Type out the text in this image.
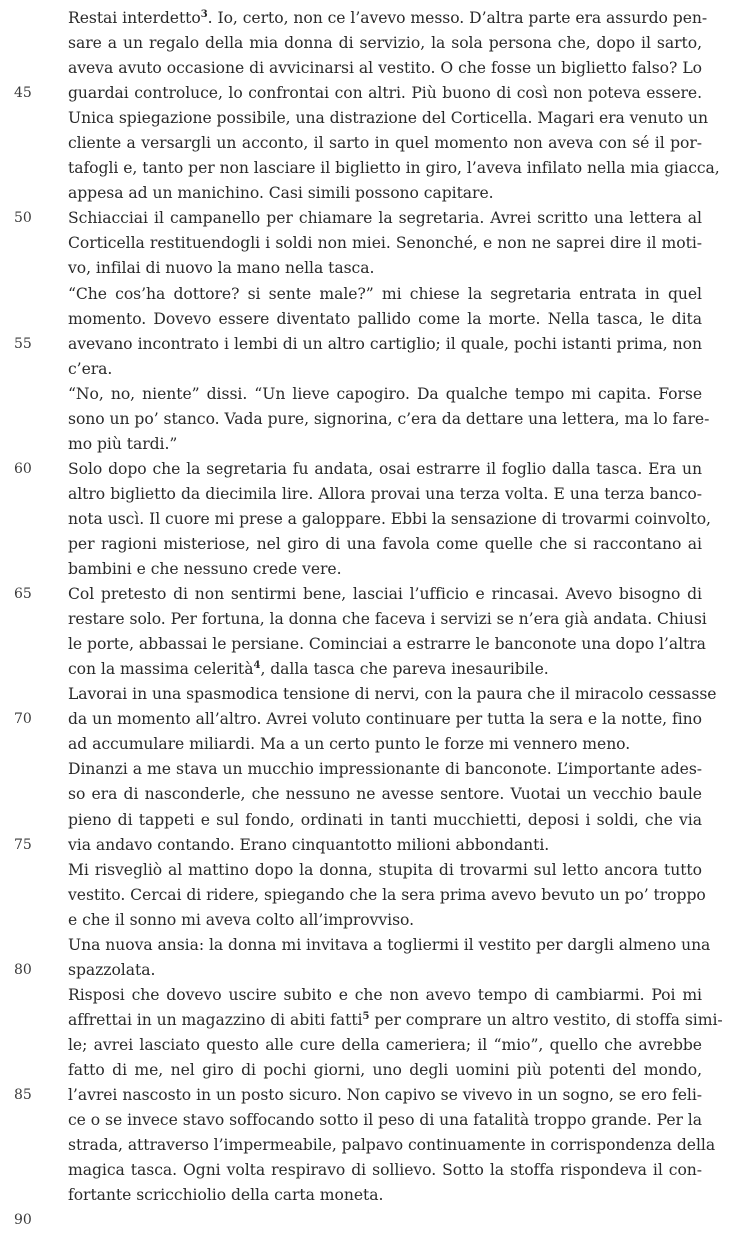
45
50
55
60
65
70
75
80
85
90
Restai interdetto$^3$. Io, certo, non ce l’avevo messo. D’altra parte era assurdo pen-
sare a un regalo della mia donna di servizio, la sola persona che, dopo il sarto,
aveva avuto occasione di avvicinarsi al vestito. O che fosse un biglietto falso? Lo
guardai controluce, lo confrontai con altri. Più buono di così non poteva essere.
Unica spiegazione possibile, una distrazione del Corticella. Magari era venuto un
cliente a versargli un acconto, il sarto in quel momento non aveva con sé il por-
tafogli e, tanto per non lasciare il biglietto in giro, l’aveva infilato nella mia giacca,
appesa ad un manichino. Casi simili possono capitare.
Schiacciai il campanello per chiamare la segretaria. Avrei scritto una lettera al
Corticella restituendogli i soldi non miei. Senonché, e non ne saprei dire il moti-
vo, infilai di nuovo la mano nella tasca.
“Che cos’ha dottore? si sente male?” mi chiese la segretaria entrata in quel
momento. Dovevo essere diventato pallido come la morte. Nella tasca, le dita
avevano incontrato i lembi di un altro cartiglio; il quale, pochi istanti prima, non
c’era.
“No, no, niente” dissi. “Un lieve capogiro. Da qualche tempo mi capita. Forse
sono un po’ stanco. Vada pure, signorina, c’era da dettare una lettera, ma lo fare-
mo più tardi.”
Solo dopo che la segretaria fu andata, osai estrarre il foglio dalla tasca. Era un
altro biglietto da diecimila lire. Allora provai una terza volta. E una terza banco-
nota uscì. Il cuore mi prese a galoppare. Ebbi la sensazione di trovarmi coinvolto,
per ragioni misteriose, nel giro di una favola come quelle che si raccontano ai
bambini e che nessuno crede vere.
Col pretesto di non sentirmi bene, lasciai l’ufficio e rincasai. Avevo bisogno di
restare solo. Per fortuna, la donna che faceva i servizi se n’era già andata. Chiusi
le porte, abbassai le persiane. Cominciai a estrarre le banconote una dopo l’altra
con la massima celerità$^4$, dalla tasca che pareva inesauribile.
Lavorai in una spasmodica tensione di nervi, con la paura che il miracolo cessasse
da un momento all’altro. Avrei voluto continuare per tutta la sera e la notte, fino
ad accumulare miliardi. Ma a un certo punto le forze mi vennero meno.
Dinanzi a me stava un mucchio impressionante di banconote. L’importante ades-
so era di nasconderle, che nessuno ne avesse sentore. Vuotai un vecchio baule
pieno di tappeti e sul fondo, ordinati in tanti mucchietti, deposi i soldi, che via
via andavo contando. Erano cinquantotto milioni abbondanti.
Mi risvegliò al mattino dopo la donna, stupita di trovarmi sul letto ancora tutto
vestito. Cercai di ridere, spiegando che la sera prima avevo bevuto un po’ troppo
e che il sonno mi aveva colto all’improvviso.
Una nuova ansia: la donna mi invitava a togliermi il vestito per dargli almeno una
spazzolata.
Risposi che dovevo uscire subito e che non avevo tempo di cambiarmi. Poi mi
affrettai in un magazzino di abiti fatti$^5$ per comprare un altro vestito, di stoffa simi-
le; avrei lasciato questo alle cure della cameriera; il “mio”, quello che avrebbe
fatto di me, nel giro di pochi giorni, uno degli uomini più potenti del mondo,
l’avrei nascosto in un posto sicuro. Non capivo se vivevo in un sogno, se ero feli-
ce o se invece stavo soffocando sotto il peso di una fatalità troppo grande. Per la
strada, attraverso l’impermeabile, palpavo continuamente in corrispondenza della
magica tasca. Ogni volta respiravo di sollievo. Sotto la stoffa rispondeva il con-
fortante scricchiolio della carta moneta.
